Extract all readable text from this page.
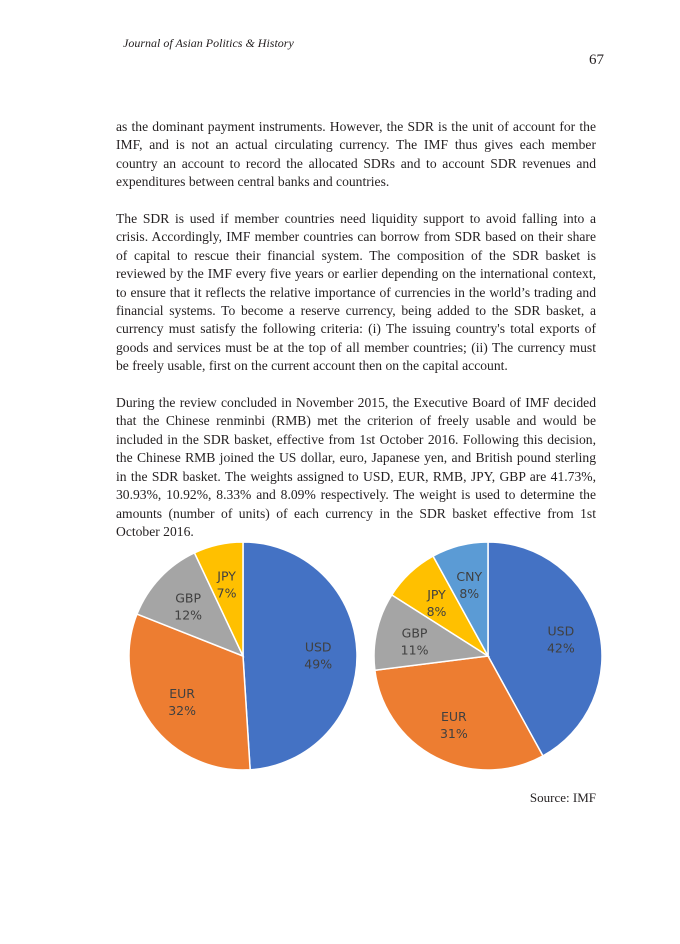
Journal of Asian Politics & History
67

as the dominant payment instruments. However, the SDR is the unit of account for the IMF, and is not an actual circulating currency. The IMF thus gives each member country an account to record the allocated SDRs and to account SDR revenues and expenditures between central banks and countries.

The SDR is used if member countries need liquidity support to avoid falling into a crisis. Accordingly, IMF member countries can borrow from SDR based on their share of capital to rescue their financial system. The composition of the SDR basket is reviewed by the IMF every five years or earlier depending on the international context, to ensure that it reflects the relative importance of currencies in the world’s trading and financial systems. To become a reserve currency, being added to the SDR basket, a currency must satisfy the following criteria: (i) The issuing country's total exports of goods and services must be at the top of all member countries; (ii) The currency must be freely usable, first on the current account then on the capital account.

During the review concluded in November 2015, the Executive Board of IMF decided that the Chinese renminbi (RMB) met the criterion of freely usable and would be included in the SDR basket, effective from 1st October 2016. Following this decision, the Chinese RMB joined the US dollar, euro, Japanese yen, and British pound sterling in the SDR basket. The weights assigned to USD, EUR, RMB, JPY, GBP are 41.73%, 30.93%, 10.92%, 8.33% and 8.09% respectively. The weight is used to determine the amounts (number of units) of each currency in the SDR basket effective from 1st October 2016.

USD
49%
EUR
32%
GBP
12%
JPY
7%
USD
42%
EUR
31%
GBP
11%
JPY
8%
CNY
8%
Source: IMF
